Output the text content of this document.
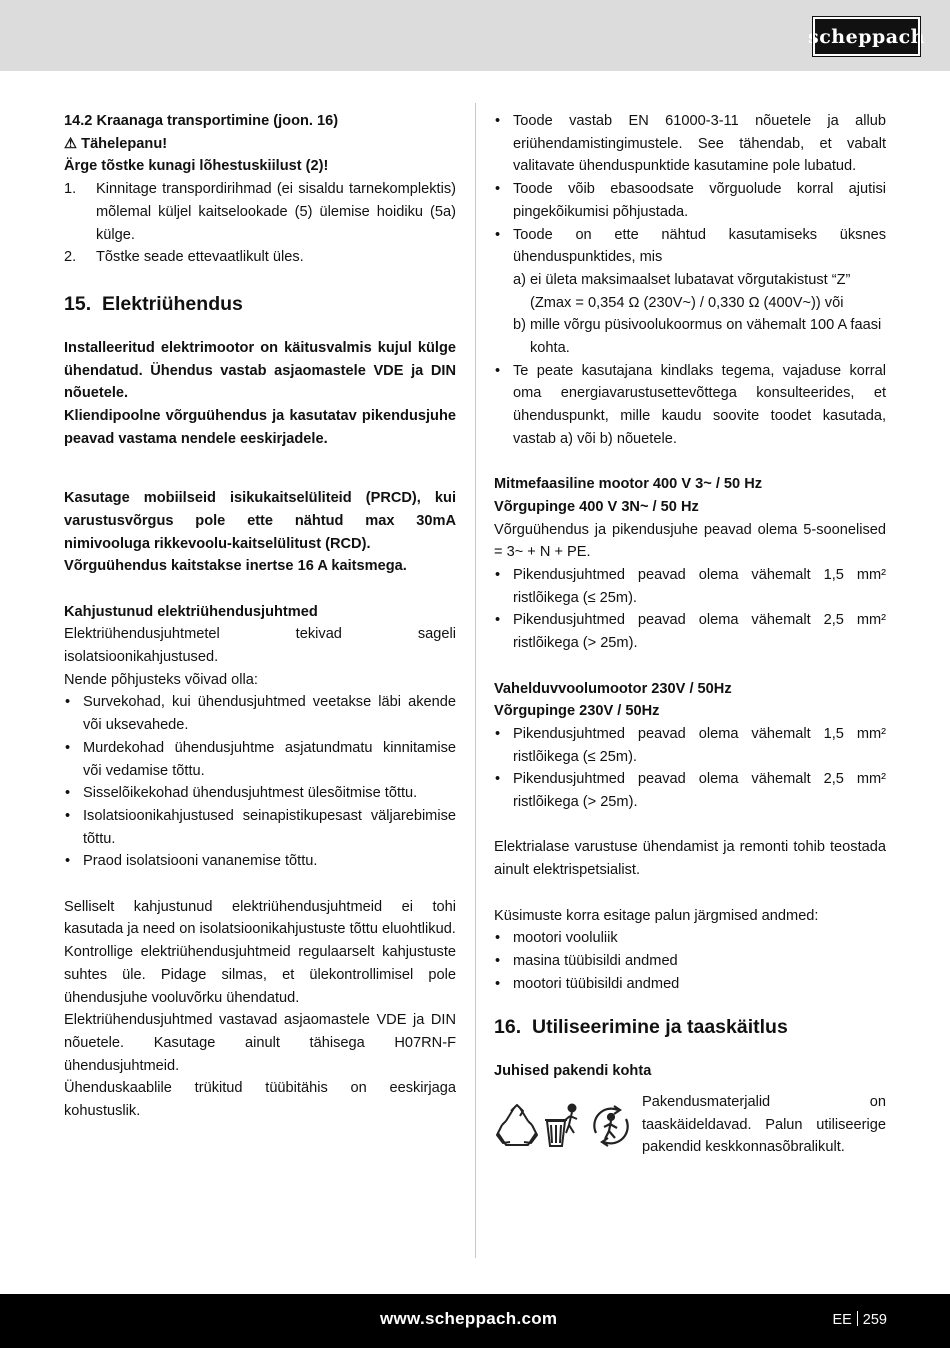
scheppach
14.2 Kraanaga transportimine (joon. 16)
⚠ Tähelepanu!
Ärge tõstke kunagi lõhestuskiilust (2)!
1. Kinnitage transpordirihmad (ei sisaldu tarnekomplektis) mõlemal küljel kaitselookade (5) ülemise hoidiku (5a) külge.
2. Tõstke seade ettevaatlikult üles.
15. Elektriühendus
Installeeritud elektrimootor on käitusvalmis kujul külge ühendatud. Ühendus vastab asjaomastele VDE ja DIN nõuetele.
Kliendipoolne võrguühendus ja kasutatav pikendusjuhe peavad vastama nendele eeskirjadele.
Kasutage mobiilseid isikukaitselüliteid (PRCD), kui varustusvõrgus pole ette nähtud max 30mA nimivooluga rikkevoolu-kaitselülitust (RCD).
Võrguühendus kaitstakse inertse 16 A kaitsmega.
Kahjustunud elektriühendusjuhtmed
Elektriühendusjuhtmetel tekivad sageli isolatsioonikahjustused.
Nende põhjusteks võivad olla:
• Survekohad, kui ühendusjuhtmed veetakse läbi akende või uksevahede.
• Murdekohad ühendusjuhtme asjatundmatu kinnitamise või vedamise tõttu.
• Sisselõikekohad ühendusjuhtmest ülesõitmise tõttu.
• Isolatsioonikahjustused seinapistikupesast väljarebimise tõttu.
• Praod isolatsiooni vananemise tõttu.
Selliselt kahjustunud elektriühendusjuhtmeid ei tohi kasutada ja need on isolatsioonikahjustuste tõttu eluohtlikud.
Kontrollige elektriühendusjuhtmeid regulaarselt kahjustuste suhtes üle. Pidage silmas, et ülekontrollimisel pole ühendusjuhe vooluvõrku ühendatud.
Elektriühendusjuhtmed vastavad asjaomastele VDE ja DIN nõuetele. Kasutage ainult tähisega H07RN-F ühendusjuhtmeid.
Ühenduskaablile trükitud tüübitähis on eeskirjaga kohustuslik.
• Toode vastab EN 61000-3-11 nõuetele ja allub eriühendamistingimustele. See tähendab, et vabalt valitavate ühenduspunktide kasutamine pole lubatud.
• Toode võib ebasoodsate võrguolude korral ajutisi pingekõikumisi põhjustada.
• Toode on ette nähtud kasutamiseks üksnes ühenduspunktides, mis
a) ei ületa maksimaalset lubatavat võrgutakistust “Z” (Zmax = 0,354 Ω (230V~) / 0,330 Ω (400V~)) või
b) mille võrgu püsivoolukoormus on vähemalt 100 A faasi kohta.
• Te peate kasutajana kindlaks tegema, vajaduse korral oma energiavarustusettevõttega konsulteerides, et ühenduspunkt, mille kaudu soovite toodet kasutada, vastab a) või b) nõuetele.
Mitmefaasiline mootor 400 V 3~ / 50 Hz
Võrgupinge 400 V 3N~ / 50 Hz
Võrguühendus ja pikendusjuhe peavad olema 5-soonelised = 3~ + N + PE.
• Pikendusjuhtmed peavad olema vähemalt 1,5 mm² ristlõikega (≤ 25m).
• Pikendusjuhtmed peavad olema vähemalt 2,5 mm² ristlõikega (> 25m).
Vahelduvvoolumootor 230V / 50Hz
Võrgupinge 230V / 50Hz
• Pikendusjuhtmed peavad olema vähemalt 1,5 mm² ristlõikega (≤ 25m).
• Pikendusjuhtmed peavad olema vähemalt 2,5 mm² ristlõikega (> 25m).
Elektrialase varustuse ühendamist ja remonti tohib teostada ainult elektrispetsialist.
Küsimuste korra esitage palun järgmised andmed:
• mootori vooluliik
• masina tüübisildi andmed
• mootori tüübisildi andmed
16. Utiliseerimine ja taaskäitlus
Juhised pakendi kohta
Pakendusmaterjalid on taaskäideldavad. Palun utiliseerige pakendid keskkonnasõbralikult.
www.scheppach.com	EE 259
